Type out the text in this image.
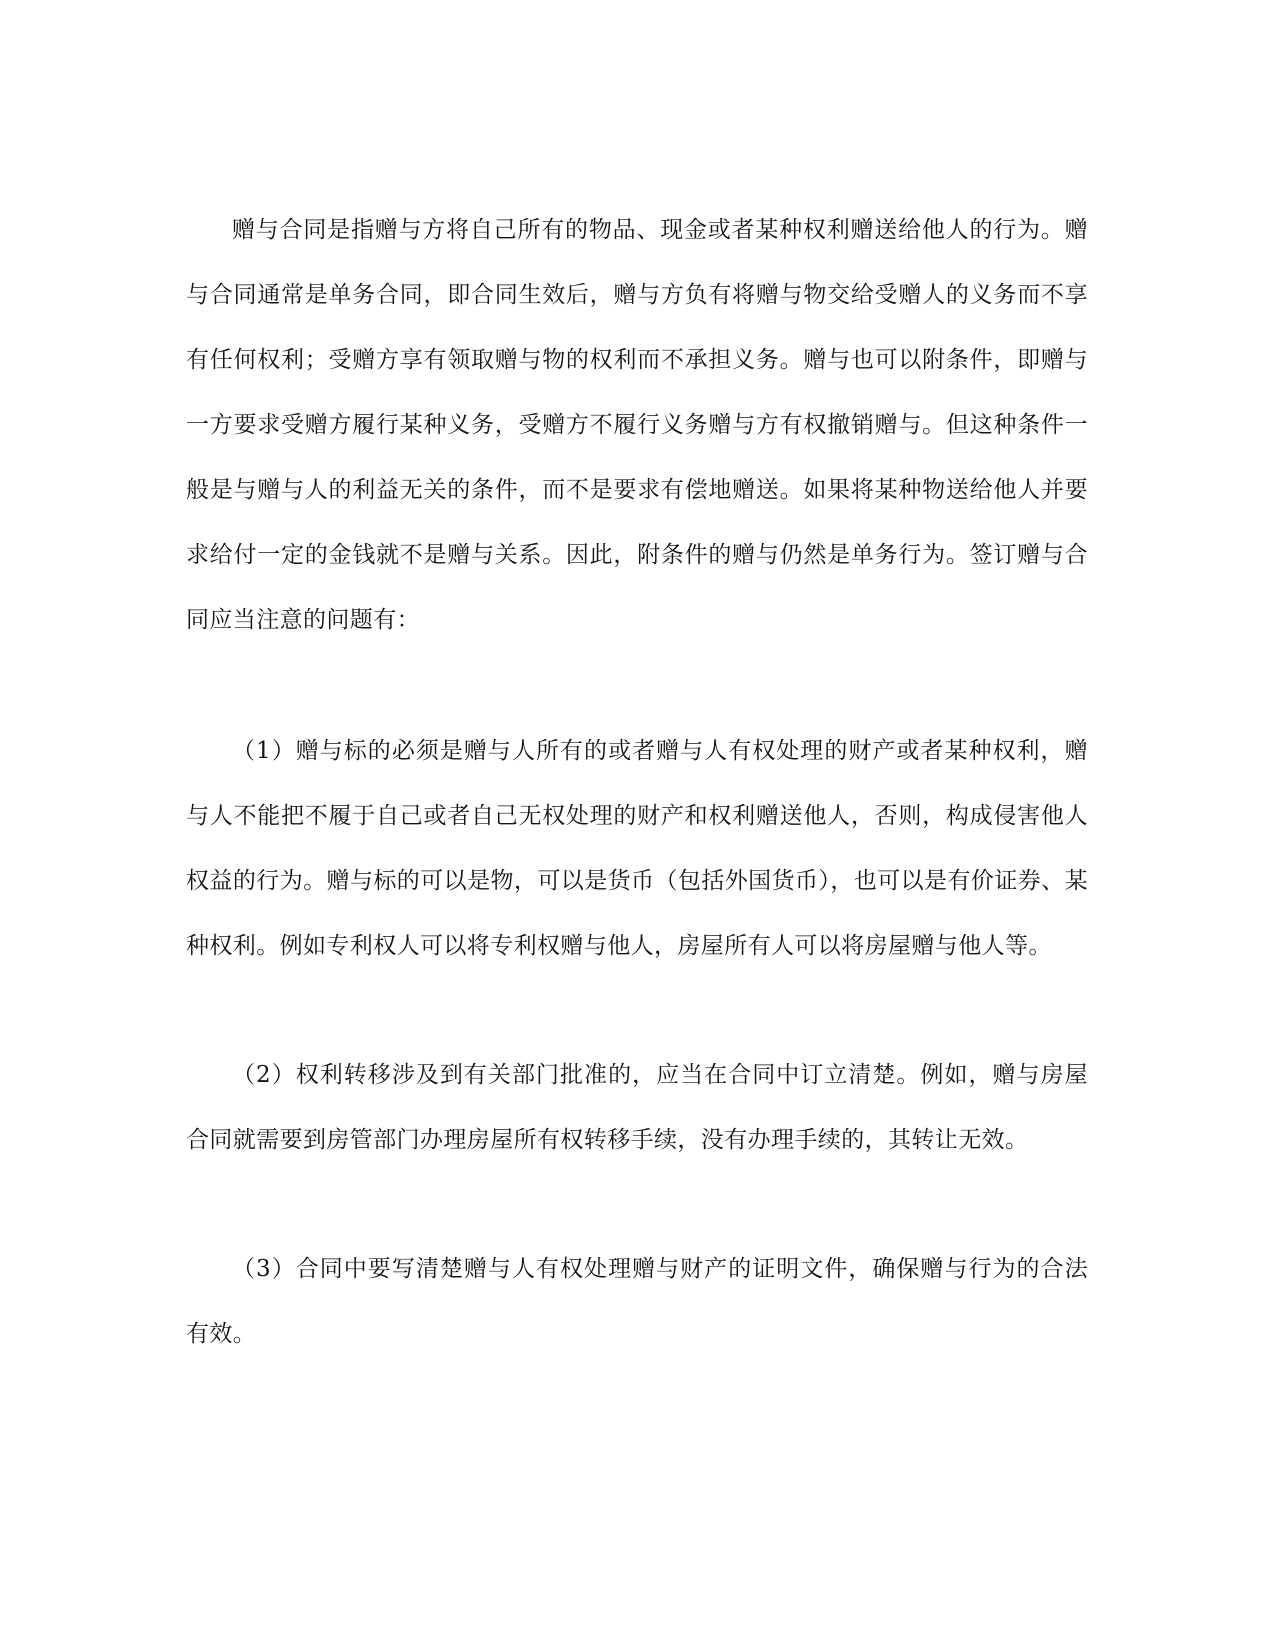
赠与合同是指赠与方将自己所有的物品、现金或者某种权利赠送给他人的行为。赠与合同通常是单务合同，即合同生效后，赠与方负有将赠与物交给受赠人的义务而不享有任何权利；受赠方享有领取赠与物的权利而不承担义务。赠与也可以附条件，即赠与一方要求受赠方履行某种义务，受赠方不履行义务赠与方有权撤销赠与。但这种条件一般是与赠与人的利益无关的条件，而不是要求有偿地赠送。如果将某种物送给他人并要求给付一定的金钱就不是赠与关系。因此，附条件的赠与仍然是单务行为。签订赠与合同应当注意的问题有：

（1）赠与标的必须是赠与人所有的或者赠与人有权处理的财产或者某种权利，赠与人不能把不履于自己或者自己无权处理的财产和权利赠送他人，否则，构成侵害他人权益的行为。赠与标的可以是物，可以是货币（包括外国货币），也可以是有价证券、某种权利。例如专利权人可以将专利权赠与他人，房屋所有人可以将房屋赠与他人等。

（2）权利转移涉及到有关部门批准的，应当在合同中订立清楚。例如，赠与房屋合同就需要到房管部门办理房屋所有权转移手续，没有办理手续的，其转让无效。

（3）合同中要写清楚赠与人有权处理赠与财产的证明文件，确保赠与行为的合法有效。
